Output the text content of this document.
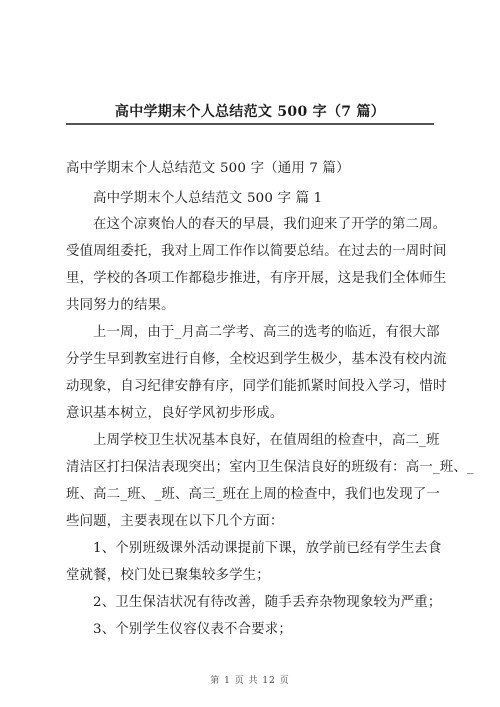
高中学期末个人总结范文 500 字（7 篇）
高中学期末个人总结范文 500 字（通用 7 篇）
高中学期末个人总结范文 500 字 篇 1
在这个凉爽怡人的春天的早晨，我们迎来了开学的第二周。
受值周组委托，我对上周工作作以简要总结。在过去的一周时间
里，学校的各项工作都稳步推进，有序开展，这是我们全体师生
共同努力的结果。
上一周，由于_月高二学考、高三的选考的临近，有很大部
分学生早到教室进行自修，全校迟到学生极少，基本没有校内流
动现象，自习纪律安静有序，同学们能抓紧时间投入学习，惜时
意识基本树立，良好学风初步形成。
上周学校卫生状况基本良好，在值周组的检查中，高二_班
清洁区打扫保洁表现突出；室内卫生保洁良好的班级有：高一_班、_
班、高二_班、_班、高三_班在上周的检查中，我们也发现了一
些问题，主要表现在以下几个方面：
1、个别班级课外活动课提前下课，放学前已经有学生去食
堂就餐，校门处已聚集较多学生；
2、卫生保洁状况有待改善，随手丢弃杂物现象较为严重；
3、个别学生仪容仪表不合要求；
第 1 页 共 12 页
